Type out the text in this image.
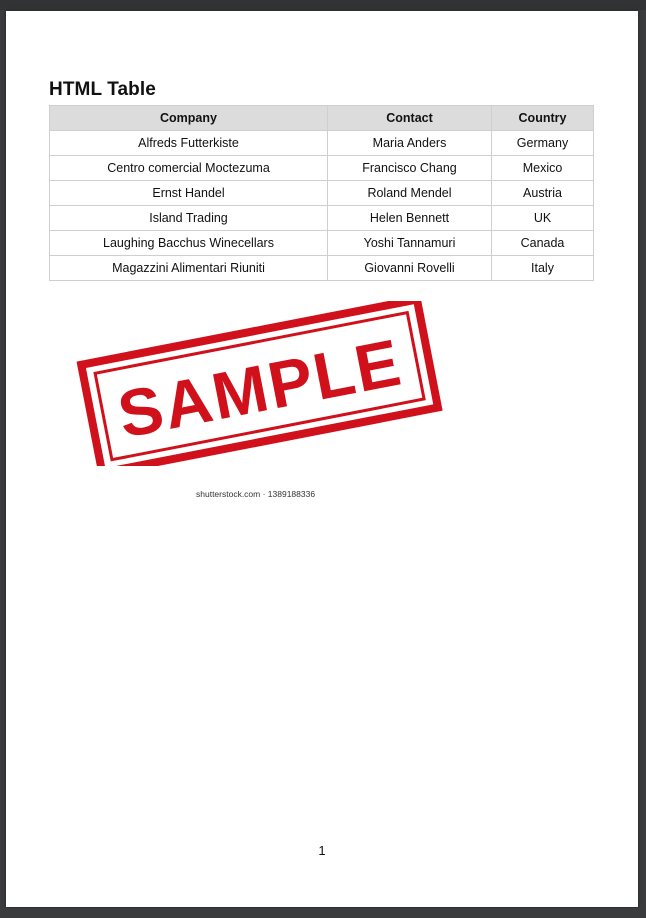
HTML Table
Company	Contact	Country
Alfreds Futterkiste	Maria Anders	Germany
Centro comercial Moctezuma	Francisco Chang	Mexico
Ernst Handel	Roland Mendel	Austria
Island Trading	Helen Bennett	UK
Laughing Bacchus Winecellars	Yoshi Tannamuri	Canada
Magazzini Alimentari Riuniti	Giovanni Rovelli	Italy
SAMPLE
shutterstock.com · 1389188336
1
